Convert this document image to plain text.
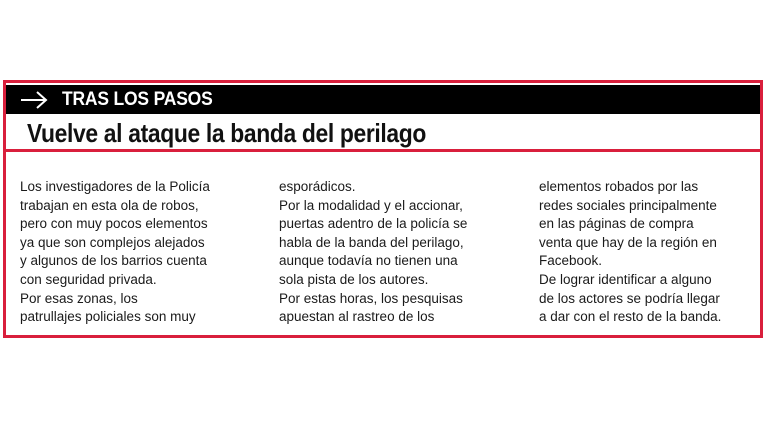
TRAS LOS PASOS
Vuelve al ataque la banda del perilago

Los investigadores de la Policía
trabajan en esta ola de robos,
pero con muy pocos elementos
ya que son complejos alejados
y algunos de los barrios cuenta
con seguridad privada.
Por esas zonas, los
patrullajes policiales son muy

esporádicos.
Por la modalidad y el accionar,
puertas adentro de la policía se
habla de la banda del perilago,
aunque todavía no tienen una
sola pista de los autores.
Por estas horas, los pesquisas
apuestan al rastreo de los

elementos robados por las
redes sociales principalmente
en las páginas de compra
venta que hay de la región en
Facebook.
De lograr identificar a alguno
de los actores se podría llegar
a dar con el resto de la banda.
